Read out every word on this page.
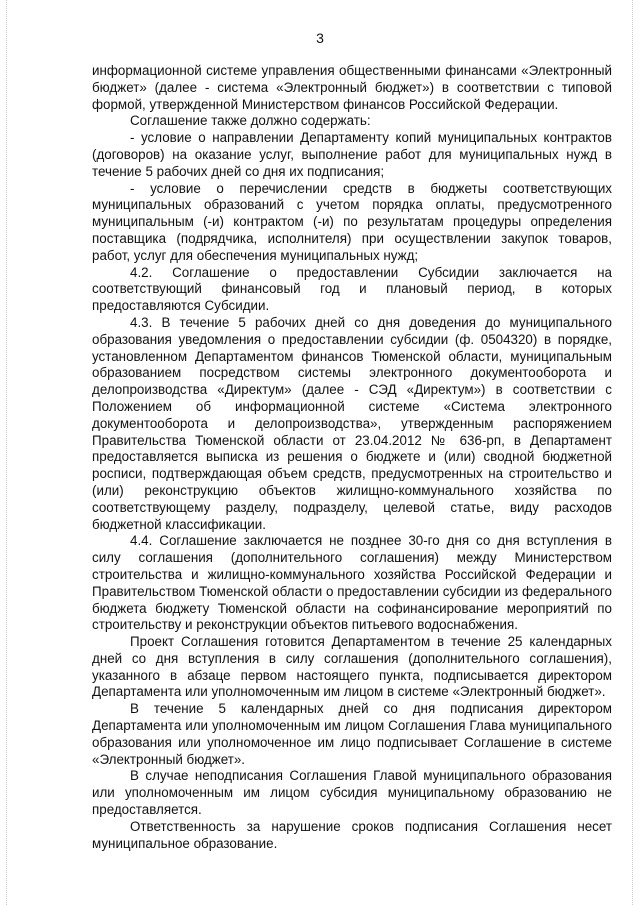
3

информационной системе управления общественными финансами «Электронный бюджет» (далее - система «Электронный бюджет») в соответствии с типовой формой, утвержденной Министерством финансов Российской Федерации.

Соглашение также должно содержать:

- условие о направлении Департаменту копий муниципальных контрактов (договоров) на оказание услуг, выполнение работ для муниципальных нужд в течение 5 рабочих дней со дня их подписания;

- условие о перечислении средств в бюджеты соответствующих муниципальных образований с учетом порядка оплаты, предусмотренного муниципальным (-и) контрактом (-и) по результатам процедуры определения поставщика (подрядчика, исполнителя) при осуществлении закупок товаров, работ, услуг для обеспечения муниципальных нужд;

4.2. Соглашение о предоставлении Субсидии заключается на соответствующий финансовый год и плановый период, в которых предоставляются Субсидии.

4.3. В течение 5 рабочих дней со дня доведения до муниципального образования уведомления о предоставлении субсидии (ф. 0504320) в порядке, установленном Департаментом финансов Тюменской области, муниципальным образованием посредством системы электронного документооборота и делопроизводства «Директум» (далее - СЭД «Директум») в соответствии с Положением об информационной системе «Система электронного документооборота и делопроизводства», утвержденным распоряжением Правительства Тюменской области от 23.04.2012 № 636-рп, в Департамент предоставляется выписка из решения о бюджете и (или) сводной бюджетной росписи, подтверждающая объем средств, предусмотренных на строительство и (или) реконструкцию объектов жилищно-коммунального хозяйства по соответствующему разделу, подразделу, целевой статье, виду расходов бюджетной классификации.

4.4. Соглашение заключается не позднее 30-го дня со дня вступления в силу соглашения (дополнительного соглашения) между Министерством строительства и жилищно-коммунального хозяйства Российской Федерации и Правительством Тюменской области о предоставлении субсидии из федерального бюджета бюджету Тюменской области на софинансирование мероприятий по строительству и реконструкции объектов питьевого водоснабжения.

Проект Соглашения готовится Департаментом в течение 25 календарных дней со дня вступления в силу соглашения (дополнительного соглашения), указанного в абзаце первом настоящего пункта, подписывается директором Департамента или уполномоченным им лицом в системе «Электронный бюджет».

В течение 5 календарных дней со дня подписания директором Департамента или уполномоченным им лицом Соглашения Глава муниципального образования или уполномоченное им лицо подписывает Соглашение в системе «Электронный бюджет».

В случае неподписания Соглашения Главой муниципального образования или уполномоченным им лицом субсидия муниципальному образованию не предоставляется.

Ответственность за нарушение сроков подписания Соглашения несет муниципальное образование.
